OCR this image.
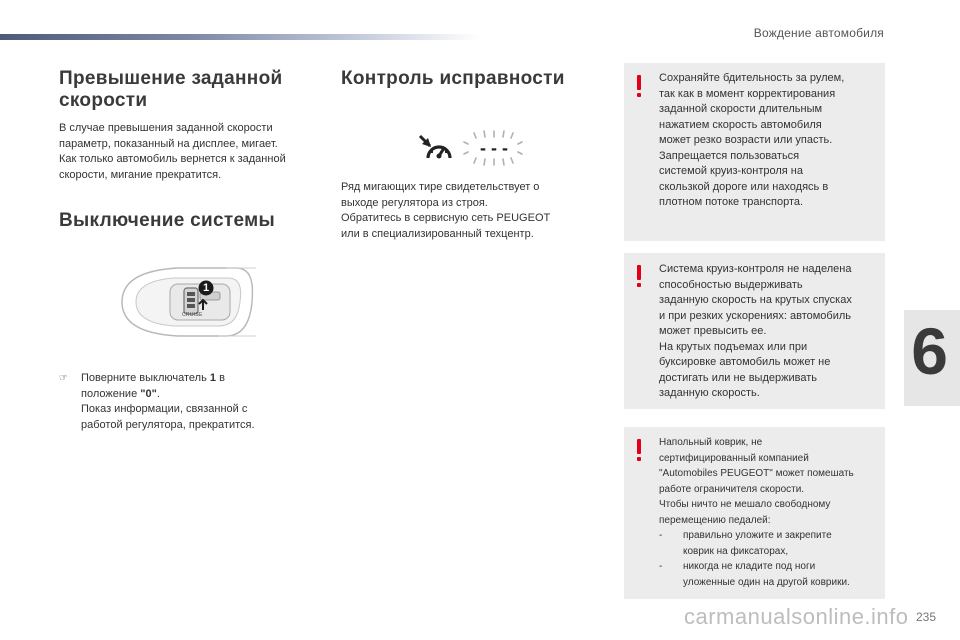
Вождение автомобиля
6
Превышение заданной
скорости
В случае превышения заданной скорости
параметр, показанный на дисплее, мигает.
Как только автомобиль вернется к заданной
скорости, мигание прекратится.
Выключение системы
1
CRUISE
☞ Поверните выключатель 1 в
положение "0".
Показ информации, связанной с
работой регулятора, прекратится.
Контроль исправности
- - -
Ряд мигающих тире свидетельствует о
выходе регулятора из строя.
Обратитесь в сервисную сеть PEUGEOT
или в специализированный техцентр.

Сохраняйте бдительность за рулем,

так как в момент корректирования

заданной скорости длительным

нажатием скорость автомобиля

может резко возрасти или упасть.

Запрещается пользоваться

системой круиз-контроля на

скользкой дороге или находясь в

плотном потоке транспорта.

Система круиз-контроля не наделена

способностью выдерживать

заданную скорость на крутых спусках

и при резких ускорениях: автомобиль

может превысить ее.

На крутых подъемах или при

буксировке автомобиль может не

достигать или не выдерживать

заданную скорость.

Напольный коврик, не

сертифицированный компанией

"Automobiles PEUGEOT" может помешать

работе ограничителя скорости.

Чтобы ничто не мешало свободному

перемещению педалей:

- правильно уложите и закрепите
коврик на фиксаторах,
- никогда не кладите под ноги
уложенные один на другой коврики.
carmanualsonline.info 235
